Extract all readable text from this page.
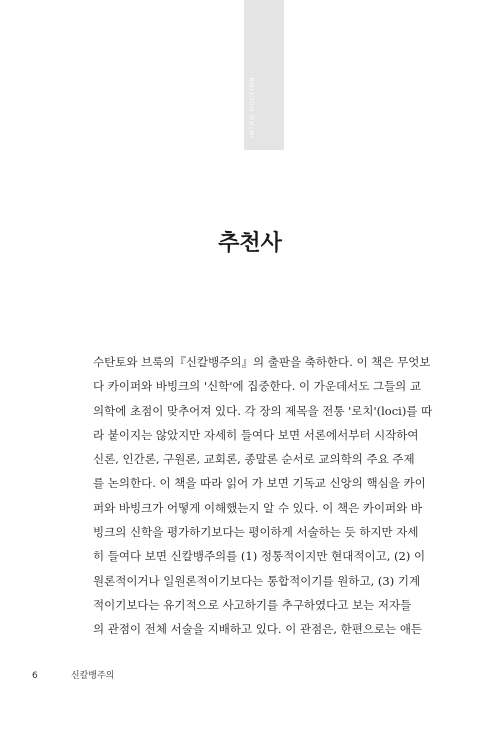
INTRO DUCTION
추천사
수탄토와 브룩의『신칼뱅주의』의 출판을 축하한다. 이 책은 무엇보
다 카이퍼와 바빙크의 '신학'에 집중한다. 이 가운데서도 그들의 교
의학에 초점이 맞추어져 있다. 각 장의 제목을 전통 '로치'(loci)를 따
라 붙이지는 않았지만 자세히 들여다 보면 서론에서부터 시작하여
신론, 인간론, 구원론, 교회론, 종말론 순서로 교의학의 주요 주제
를 논의한다. 이 책을 따라 읽어 가 보면 기독교 신앙의 핵심을 카이
퍼와 바빙크가 어떻게 이해했는지 알 수 있다. 이 책은 카이퍼와 바
빙크의 신학을 평가하기보다는 평이하게 서술하는 듯 하지만 자세
히 들여다 보면 신칼뱅주의를 (1) 정통적이지만 현대적이고, (2) 이
원론적이거나 일원론적이기보다는 통합적이기를 원하고, (3) 기계
적이기보다는 유기적으로 사고하기를 추구하였다고 보는 저자들
의 관점이 전체 서술을 지배하고 있다. 이 관점은, 한편으로는 애든
6	신칼뱅주의
